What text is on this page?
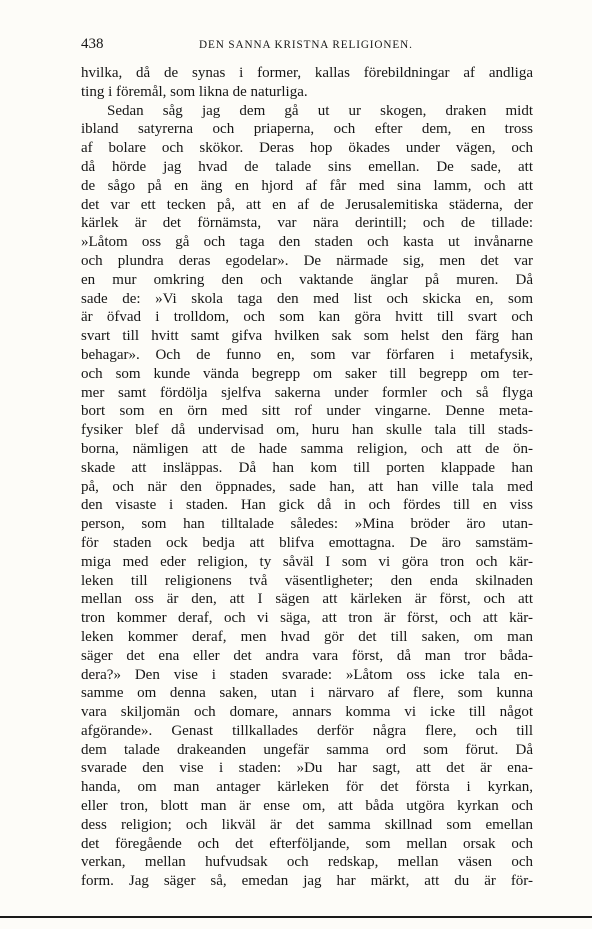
438	DEN SANNA KRISTNA RELIGIONEN.
hvilka, då de synas i former, kallas förebildningar af andliga
ting i föremål, som likna de naturliga.
Sedan såg jag dem gå ut ur skogen, draken midt
ibland satyrerna och priaperna, och efter dem, en tross
af bolare och skökor. Deras hop ökades under vägen, och
då hörde jag hvad de talade sins emellan. De sade, att
de sågo på en äng en hjord af får med sina lamm, och att
det var ett tecken på, att en af de Jerusalemitiska städerna, der
kärlek är det förnämsta, var nära derintill; och de tillade:
»Låtom oss gå och taga den staden och kasta ut invånarne
och plundra deras egodelar». De närmade sig, men det var
en mur omkring den och vaktande änglar på muren. Då
sade de: »Vi skola taga den med list och skicka en, som
är öfvad i trolldom, och som kan göra hvitt till svart och
svart till hvitt samt gifva hvilken sak som helst den färg han
behagar». Och de funno en, som var förfaren i metafysik,
och som kunde vända begrepp om saker till begrepp om ter-
mer samt fördölja sjelfva sakerna under formler och så flyga
bort som en örn med sitt rof under vingarne. Denne meta-
fysiker blef då undervisad om, huru han skulle tala till stads-
borna, nämligen att de hade samma religion, och att de ön-
skade att insläppas. Då han kom till porten klappade han
på, och när den öppnades, sade han, att han ville tala med
den visaste i staden. Han gick då in och fördes till en viss
person, som han tilltalade således: »Mina bröder äro utan-
för staden ock bedja att blifva emottagna. De äro samstäm-
miga med eder religion, ty såväl I som vi göra tron och kär-
leken till religionens två väsentligheter; den enda skilnaden
mellan oss är den, att I sägen att kärleken är först, och att
tron kommer deraf, och vi säga, att tron är först, och att kär-
leken kommer deraf, men hvad gör det till saken, om man
säger det ena eller det andra vara först, då man tror båda-
dera?» Den vise i staden svarade: »Låtom oss icke tala en-
samme om denna saken, utan i närvaro af flere, som kunna
vara skiljomän och domare, annars komma vi icke till något
afgörande». Genast tillkallades derför några flere, och till
dem talade drakeanden ungefär samma ord som förut. Då
svarade den vise i staden: »Du har sagt, att det är ena-
handa, om man antager kärleken för det första i kyrkan,
eller tron, blott man är ense om, att båda utgöra kyrkan och
dess religion; och likväl är det samma skillnad som emellan
det föregående och det efterföljande, som mellan orsak och
verkan, mellan hufvudsak och redskap, mellan väsen och
form. Jag säger så, emedan jag har märkt, att du är för-
